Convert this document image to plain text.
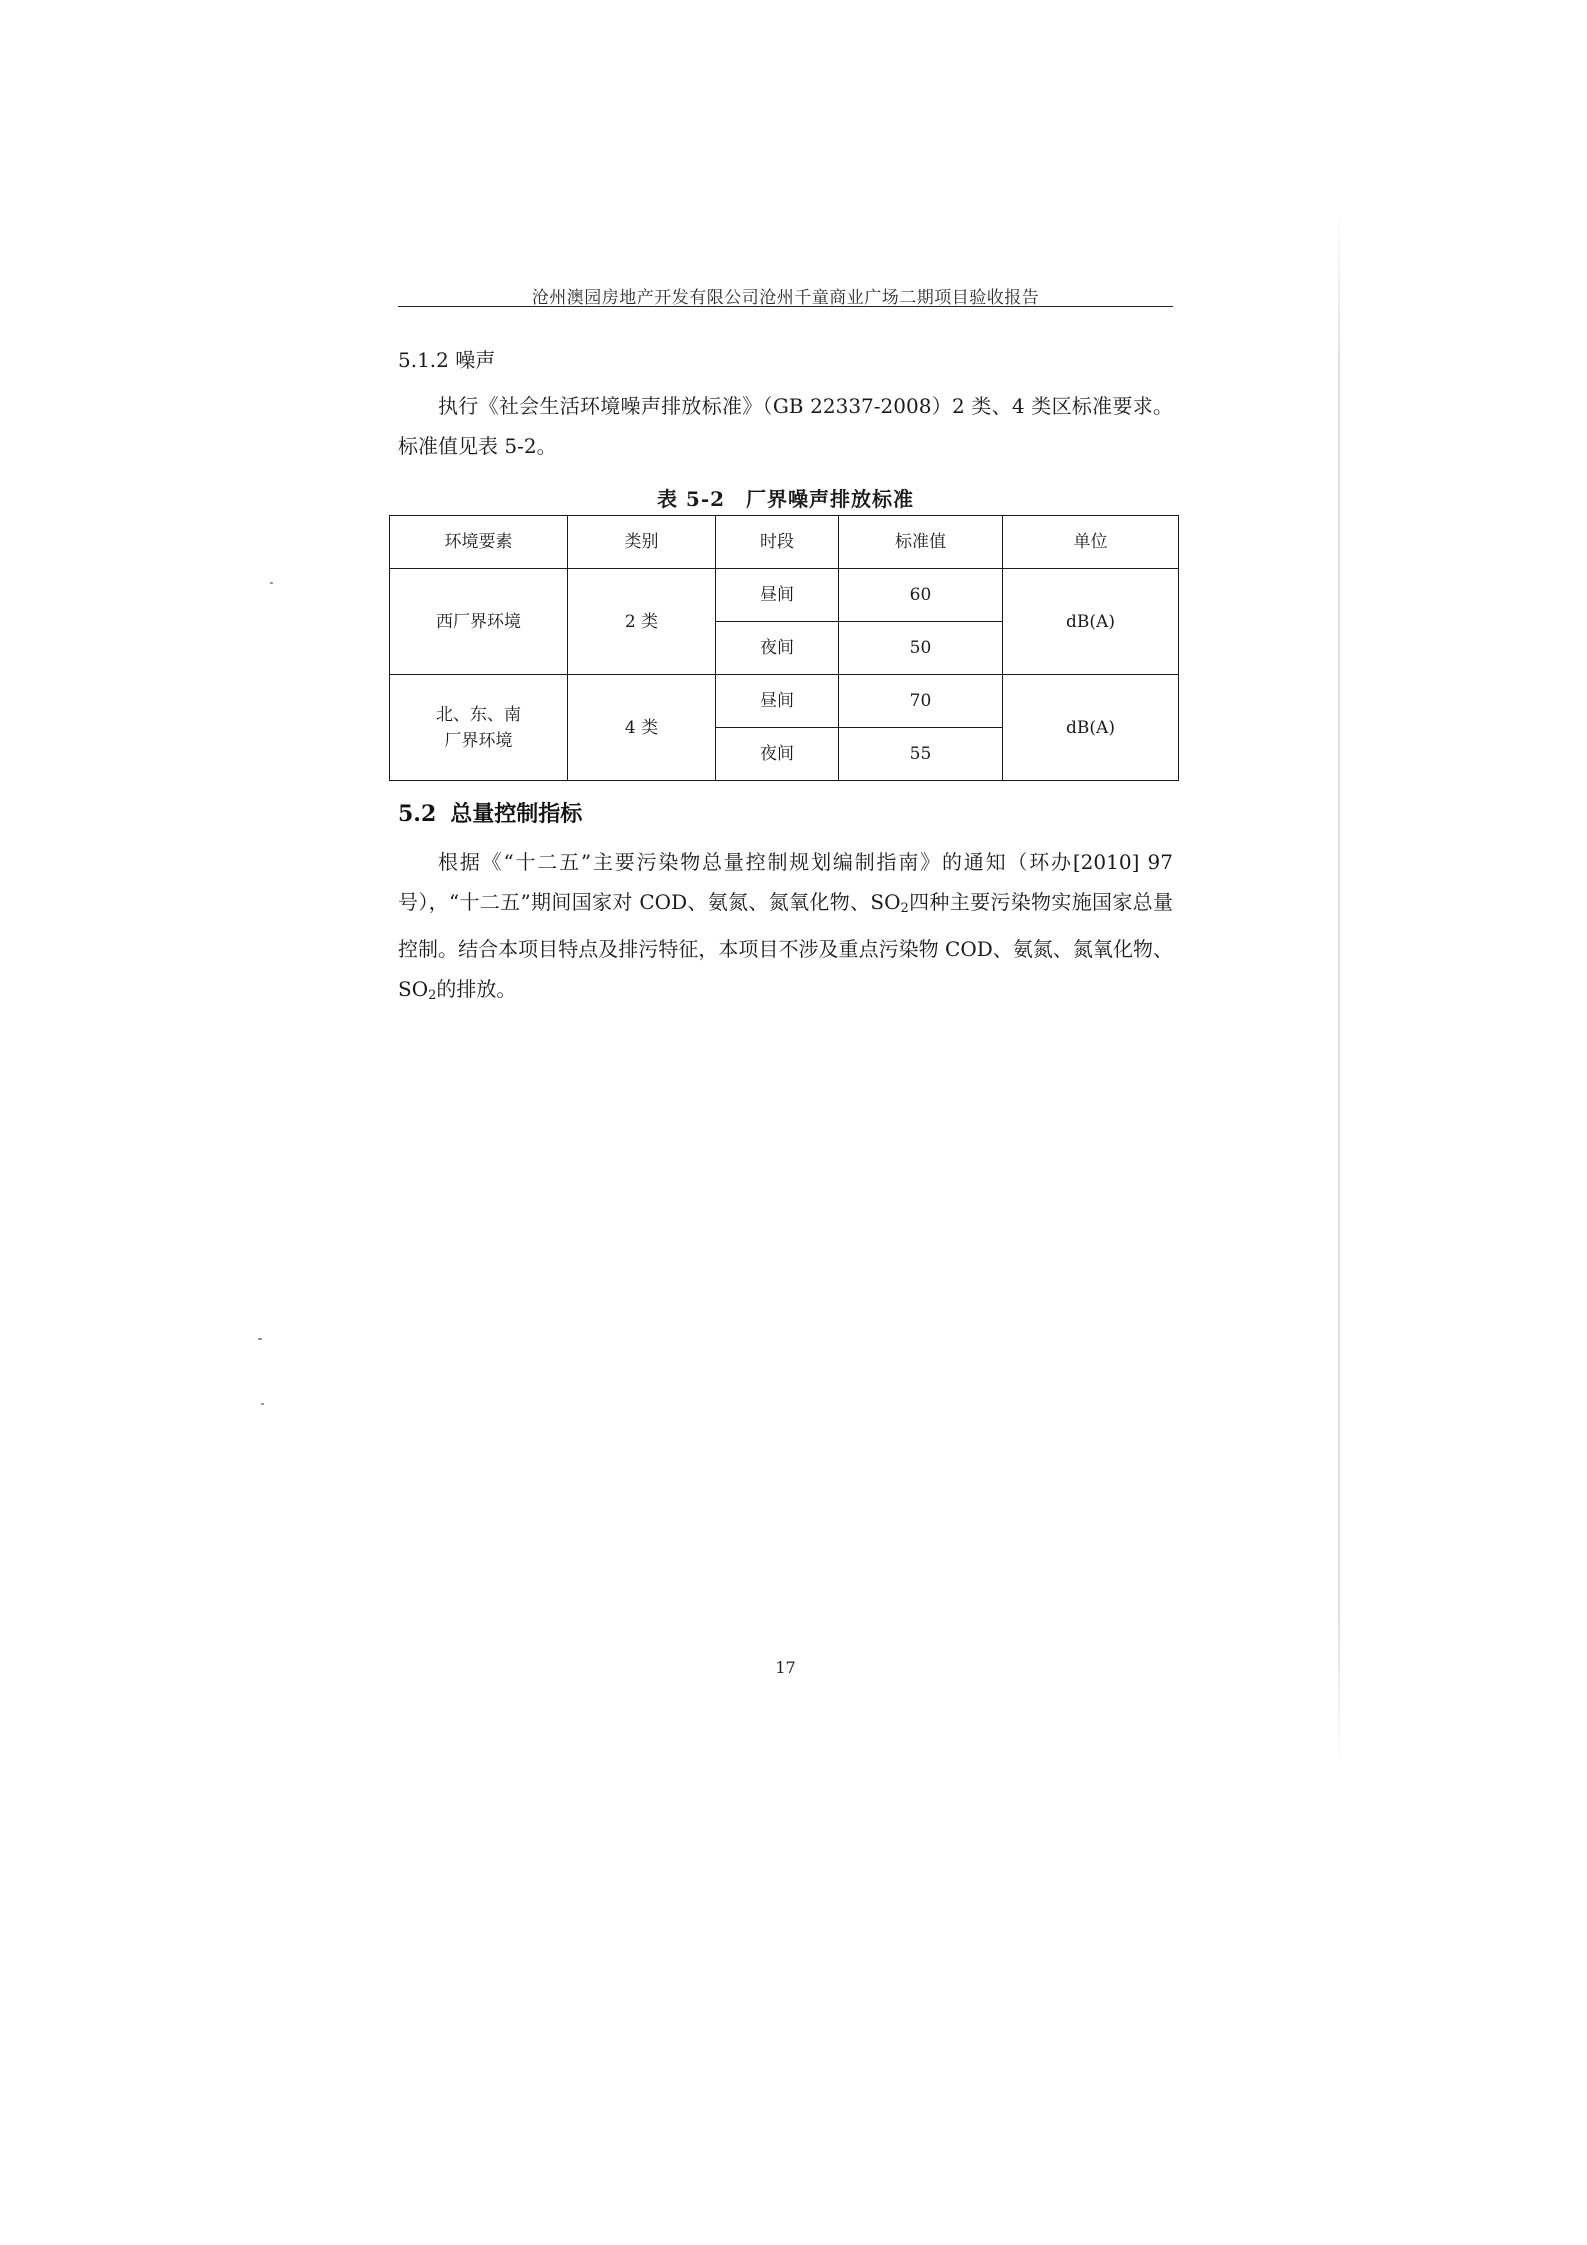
沧州澳园房地产开发有限公司沧州千童商业广场二期项目验收报告
5.1.2 噪声
执行《社会生活环境噪声排放标准》（GB 22337-2008）2 类、4 类区标准要求。标准值见表 5-2。
表 5-2　厂界噪声排放标准
环境要素	类别	时段	标准值	单位
西厂界环境	2 类	昼间	60	dB(A)
		夜间	50	

北、东、南
厂界环境	4 类	昼间	70	dB(A)
		夜间	55	
5.2 总量控制指标
根据《“十二五”主要污染物总量控制规划编制指南》的通知（环办[2010] 97 号），“十二五”期间国家对 COD、氨氮、氮氧化物、$SO_2$四种主要污染物实施国家总量控制。结合本项目特点及排污特征，本项目不涉及重点污染物 COD、氨氮、氮氧化物、$SO_2$的排放。
17
